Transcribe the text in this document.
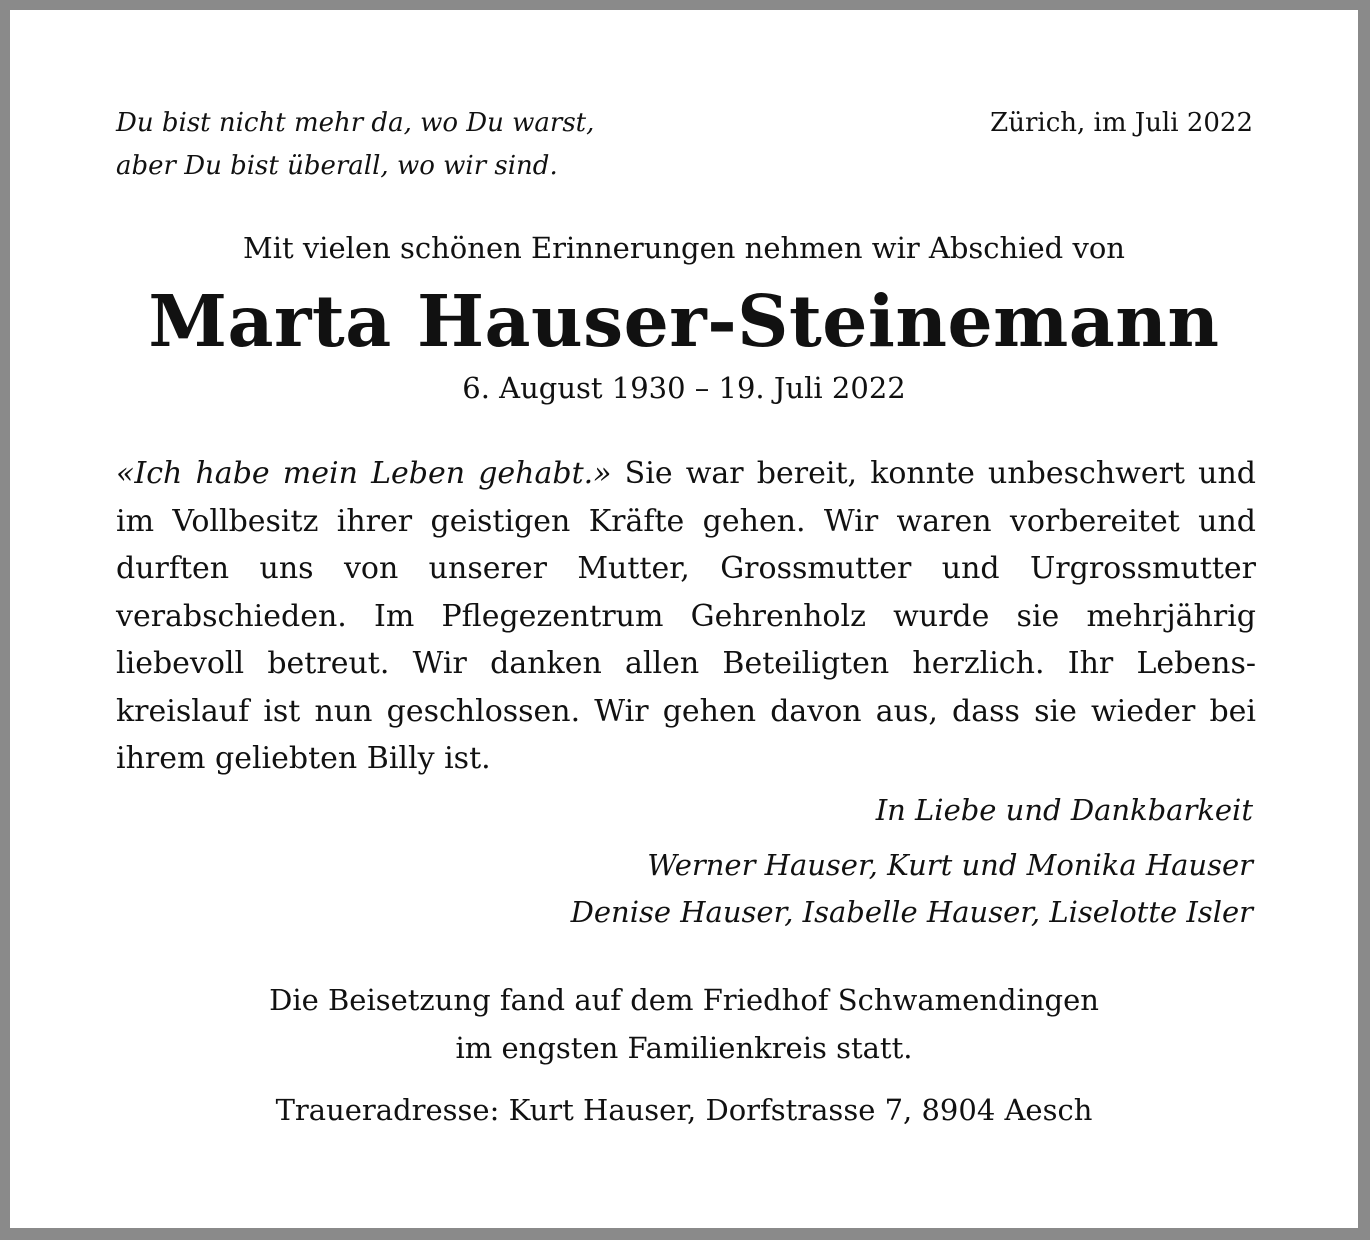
Du bist nicht mehr da, wo Du warst,
aber Du bist überall, wo wir sind.
Zürich, im Juli 2022
Mit vielen schönen Erinnerungen nehmen wir Abschied von
Marta Hauser-Steinemann
6. August 1930 – 19. Juli 2022
«Ich habe mein Leben gehabt.» Sie war bereit, konnte unbeschwert und im Vollbesitz ihrer geistigen Kräfte gehen. Wir waren vorbereitet und durften uns von unserer Mutter, Grossmutter und Urgrossmutter verabschieden. Im Pflegezentrum Gehrenholz wurde sie mehrjährig liebevoll betreut. Wir danken allen Beteiligten herzlich. Ihr Lebenskreislauf ist nun geschlossen. Wir gehen davon aus, dass sie wieder bei ihrem geliebten Billy ist.
In Liebe und Dankbarkeit
Werner Hauser, Kurt und Monika Hauser
Denise Hauser, Isabelle Hauser, Liselotte Isler
Die Beisetzung fand auf dem Friedhof Schwamendingen
im engsten Familienkreis statt.
Traueradresse: Kurt Hauser, Dorfstrasse 7, 8904 Aesch
